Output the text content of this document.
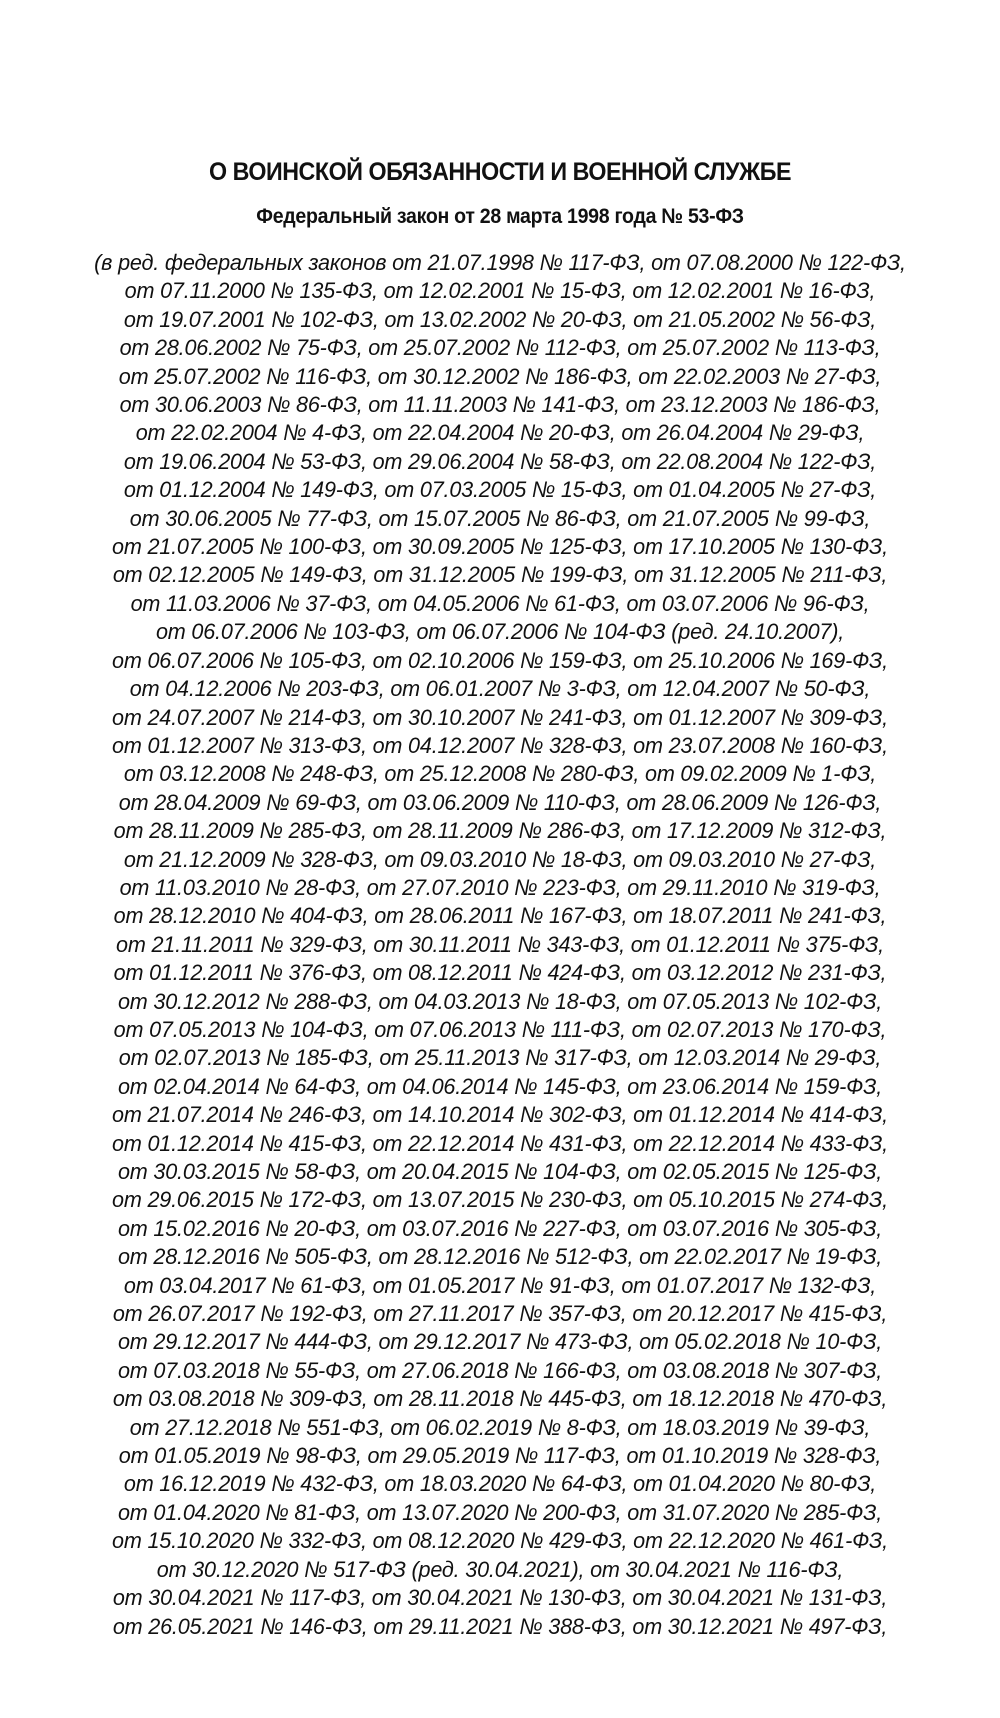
О ВОИНСКОЙ ОБЯЗАННОСТИ И ВОЕННОЙ СЛУЖБЕ
Федеральный закон от 28 марта 1998 года № 53-ФЗ
(в ред. федеральных законов от 21.07.1998 № 117-ФЗ, от 07.08.2000 № 122-ФЗ,
от 07.11.2000 № 135-ФЗ, от 12.02.2001 № 15-ФЗ, от 12.02.2001 № 16-ФЗ,
от 19.07.2001 № 102-ФЗ, от 13.02.2002 № 20-ФЗ, от 21.05.2002 № 56-ФЗ,
от 28.06.2002 № 75-ФЗ, от 25.07.2002 № 112-ФЗ, от 25.07.2002 № 113-ФЗ,
от 25.07.2002 № 116-ФЗ, от 30.12.2002 № 186-ФЗ, от 22.02.2003 № 27-ФЗ,
от 30.06.2003 № 86-ФЗ, от 11.11.2003 № 141-ФЗ, от 23.12.2003 № 186-ФЗ,
от 22.02.2004 № 4-ФЗ, от 22.04.2004 № 20-ФЗ, от 26.04.2004 № 29-ФЗ,
от 19.06.2004 № 53-ФЗ, от 29.06.2004 № 58-ФЗ, от 22.08.2004 № 122-ФЗ,
от 01.12.2004 № 149-ФЗ, от 07.03.2005 № 15-ФЗ, от 01.04.2005 № 27-ФЗ,
от 30.06.2005 № 77-ФЗ, от 15.07.2005 № 86-ФЗ, от 21.07.2005 № 99-ФЗ,
от 21.07.2005 № 100-ФЗ, от 30.09.2005 № 125-ФЗ, от 17.10.2005 № 130-ФЗ,
от 02.12.2005 № 149-ФЗ, от 31.12.2005 № 199-ФЗ, от 31.12.2005 № 211-ФЗ,
от 11.03.2006 № 37-ФЗ, от 04.05.2006 № 61-ФЗ, от 03.07.2006 № 96-ФЗ,
от 06.07.2006 № 103-ФЗ, от 06.07.2006 № 104-ФЗ (ред. 24.10.2007),
от 06.07.2006 № 105-ФЗ, от 02.10.2006 № 159-ФЗ, от 25.10.2006 № 169-ФЗ,
от 04.12.2006 № 203-ФЗ, от 06.01.2007 № 3-ФЗ, от 12.04.2007 № 50-ФЗ,
от 24.07.2007 № 214-ФЗ, от 30.10.2007 № 241-ФЗ, от 01.12.2007 № 309-ФЗ,
от 01.12.2007 № 313-ФЗ, от 04.12.2007 № 328-ФЗ, от 23.07.2008 № 160-ФЗ,
от 03.12.2008 № 248-ФЗ, от 25.12.2008 № 280-ФЗ, от 09.02.2009 № 1-ФЗ,
от 28.04.2009 № 69-ФЗ, от 03.06.2009 № 110-ФЗ, от 28.06.2009 № 126-ФЗ,
от 28.11.2009 № 285-ФЗ, от 28.11.2009 № 286-ФЗ, от 17.12.2009 № 312-ФЗ,
от 21.12.2009 № 328-ФЗ, от 09.03.2010 № 18-ФЗ, от 09.03.2010 № 27-ФЗ,
от 11.03.2010 № 28-ФЗ, от 27.07.2010 № 223-ФЗ, от 29.11.2010 № 319-ФЗ,
от 28.12.2010 № 404-ФЗ, от 28.06.2011 № 167-ФЗ, от 18.07.2011 № 241-ФЗ,
от 21.11.2011 № 329-ФЗ, от 30.11.2011 № 343-ФЗ, от 01.12.2011 № 375-ФЗ,
от 01.12.2011 № 376-ФЗ, от 08.12.2011 № 424-ФЗ, от 03.12.2012 № 231-ФЗ,
от 30.12.2012 № 288-ФЗ, от 04.03.2013 № 18-ФЗ, от 07.05.2013 № 102-ФЗ,
от 07.05.2013 № 104-ФЗ, от 07.06.2013 № 111-ФЗ, от 02.07.2013 № 170-ФЗ,
от 02.07.2013 № 185-ФЗ, от 25.11.2013 № 317-ФЗ, от 12.03.2014 № 29-ФЗ,
от 02.04.2014 № 64-ФЗ, от 04.06.2014 № 145-ФЗ, от 23.06.2014 № 159-ФЗ,
от 21.07.2014 № 246-ФЗ, от 14.10.2014 № 302-ФЗ, от 01.12.2014 № 414-ФЗ,
от 01.12.2014 № 415-ФЗ, от 22.12.2014 № 431-ФЗ, от 22.12.2014 № 433-ФЗ,
от 30.03.2015 № 58-ФЗ, от 20.04.2015 № 104-ФЗ, от 02.05.2015 № 125-ФЗ,
от 29.06.2015 № 172-ФЗ, от 13.07.2015 № 230-ФЗ, от 05.10.2015 № 274-ФЗ,
от 15.02.2016 № 20-ФЗ, от 03.07.2016 № 227-ФЗ, от 03.07.2016 № 305-ФЗ,
от 28.12.2016 № 505-ФЗ, от 28.12.2016 № 512-ФЗ, от 22.02.2017 № 19-ФЗ,
от 03.04.2017 № 61-ФЗ, от 01.05.2017 № 91-ФЗ, от 01.07.2017 № 132-ФЗ,
от 26.07.2017 № 192-ФЗ, от 27.11.2017 № 357-ФЗ, от 20.12.2017 № 415-ФЗ,
от 29.12.2017 № 444-ФЗ, от 29.12.2017 № 473-ФЗ, от 05.02.2018 № 10-ФЗ,
от 07.03.2018 № 55-ФЗ, от 27.06.2018 № 166-ФЗ, от 03.08.2018 № 307-ФЗ,
от 03.08.2018 № 309-ФЗ, от 28.11.2018 № 445-ФЗ, от 18.12.2018 № 470-ФЗ,
от 27.12.2018 № 551-ФЗ, от 06.02.2019 № 8-ФЗ, от 18.03.2019 № 39-ФЗ,
от 01.05.2019 № 98-ФЗ, от 29.05.2019 № 117-ФЗ, от 01.10.2019 № 328-ФЗ,
от 16.12.2019 № 432-ФЗ, от 18.03.2020 № 64-ФЗ, от 01.04.2020 № 80-ФЗ,
от 01.04.2020 № 81-ФЗ, от 13.07.2020 № 200-ФЗ, от 31.07.2020 № 285-ФЗ,
от 15.10.2020 № 332-ФЗ, от 08.12.2020 № 429-ФЗ, от 22.12.2020 № 461-ФЗ,
от 30.12.2020 № 517-ФЗ (ред. 30.04.2021), от 30.04.2021 № 116-ФЗ,
от 30.04.2021 № 117-ФЗ, от 30.04.2021 № 130-ФЗ, от 30.04.2021 № 131-ФЗ,
от 26.05.2021 № 146-ФЗ, от 29.11.2021 № 388-ФЗ, от 30.12.2021 № 497-ФЗ,
